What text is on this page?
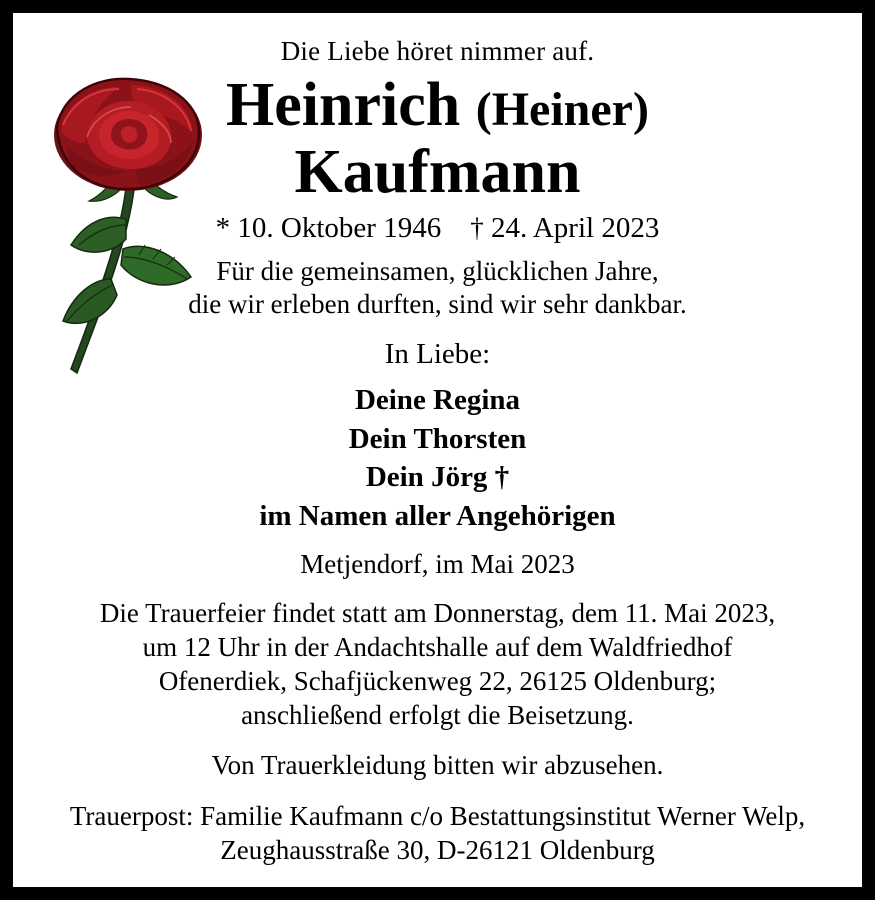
Die Liebe höret nimmer auf.

Heinrich (Heiner)
Kaufmann

* 10. Oktober 1946 † 24. April 2023

Für die gemeinsamen, glücklichen Jahre,
die wir erleben durften, sind wir sehr dankbar.

In Liebe:

Deine Regina
Dein Thorsten
Dein Jörg †
im Namen aller Angehörigen

Metjendorf, im Mai 2023

Die Trauerfeier findet statt am Donnerstag, dem 11. Mai 2023,
um 12 Uhr in der Andachtshalle auf dem Waldfriedhof
Ofenerdiek, Schafjückenweg 22, 26125 Oldenburg;
anschließend erfolgt die Beisetzung.

Von Trauerkleidung bitten wir abzusehen.

Trauerpost: Familie Kaufmann c/o Bestattungsinstitut Werner Welp,
Zeughausstraße 30, D-26121 Oldenburg
